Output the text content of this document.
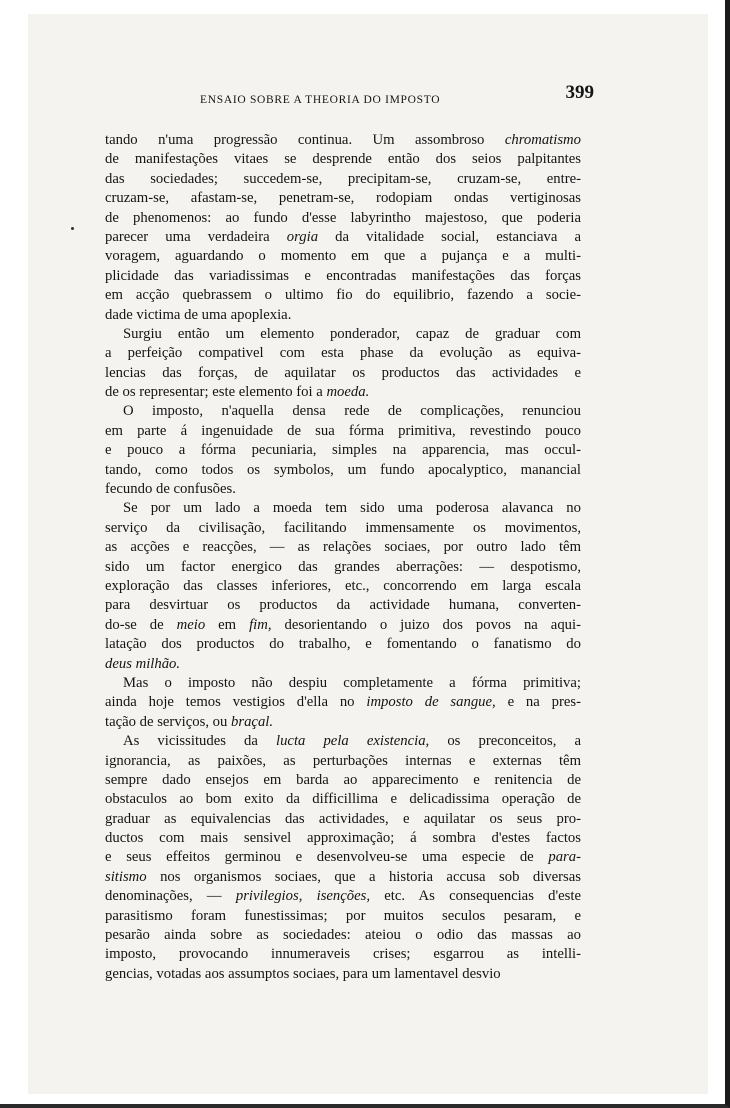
ENSAIO SOBRE A THEORIA DO IMPOSTO	399
tando n'uma progressão continua. Um assombroso chromatismo
de manifestações vitaes se desprende então dos seios palpitantes
das sociedades; succedem-se, precipitam-se, cruzam-se, entre-
cruzam-se, afastam-se, penetram-se, rodopiam ondas vertiginosas
de phenomenos: ao fundo d'esse labyrintho majestoso, que poderia
parecer uma verdadeira orgia da vitalidade social, estanciava a
voragem, aguardando o momento em que a pujança e a multi-
plicidade das variadissimas e encontradas manifestações das forças
em acção quebrassem o ultimo fio do equilibrio, fazendo a socie-
dade victima de uma apoplexia.
Surgiu então um elemento ponderador, capaz de graduar com
a perfeição compativel com esta phase da evolução as equiva-
lencias das forças, de aquilatar os productos das actividades e
de os representar; este elemento foi a moeda.
O imposto, n'aquella densa rede de complicações, renunciou
em parte á ingenuidade de sua fórma primitiva, revestindo pouco
e pouco a fórma pecuniaria, simples na apparencia, mas occul-
tando, como todos os symbolos, um fundo apocalyptico, manancial
fecundo de confusões.
Se por um lado a moeda tem sido uma poderosa alavanca no
serviço da civilisação, facilitando immensamente os movimentos,
as acções e reacções, — as relações sociaes, por outro lado têm
sido um factor energico das grandes aberrações: — despotismo,
exploração das classes inferiores, etc., concorrendo em larga escala
para desvirtuar os productos da actividade humana, converten-
do-se de meio em fim, desorientando o juizo dos povos na aqui-
latação dos productos do trabalho, e fomentando o fanatismo do
deus milhão.
Mas o imposto não despiu completamente a fórma primitiva;
ainda hoje temos vestigios d'ella no imposto de sangue, e na pres-
tação de serviços, ou braçal.
As vicissitudes da lucta pela existencia, os preconceitos, a
ignorancia, as paixões, as perturbações internas e externas têm
sempre dado ensejos em barda ao apparecimento e renitencia de
obstaculos ao bom exito da difficillima e delicadissima operação de
graduar as equivalencias das actividades, e aquilatar os seus pro-
ductos com mais sensivel approximação; á sombra d'estes factos
e seus effeitos germinou e desenvolveu-se uma especie de para-
sitismo nos organismos sociaes, que a historia accusa sob diversas
denominações, — privilegios, isenções, etc. As consequencias d'este
parasitismo foram funestissimas; por muitos seculos pesaram, e
pesarão ainda sobre as sociedades: ateiou o odio das massas ao
imposto, provocando innumeraveis crises; esgarrou as intelli-
gencias, votadas aos assumptos sociaes, para um lamentavel desvio
